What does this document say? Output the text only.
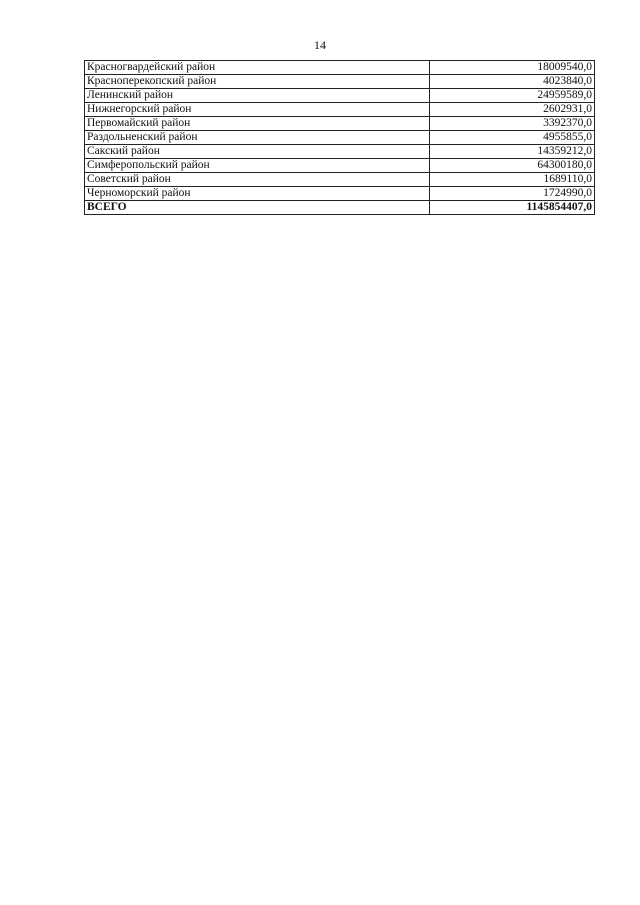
14
Красногвардейский район	18009540,0
Красноперекопский район	4023840,0
Ленинский район	24959589,0
Нижнегорский район	2602931,0
Первомайский район	3392370,0
Раздольненский район	4955855,0
Сакский район	14359212,0
Симферопольский район	64300180,0
Советский район	1689110,0
Черноморский район	1724990,0
ВСЕГО	1145854407,0
